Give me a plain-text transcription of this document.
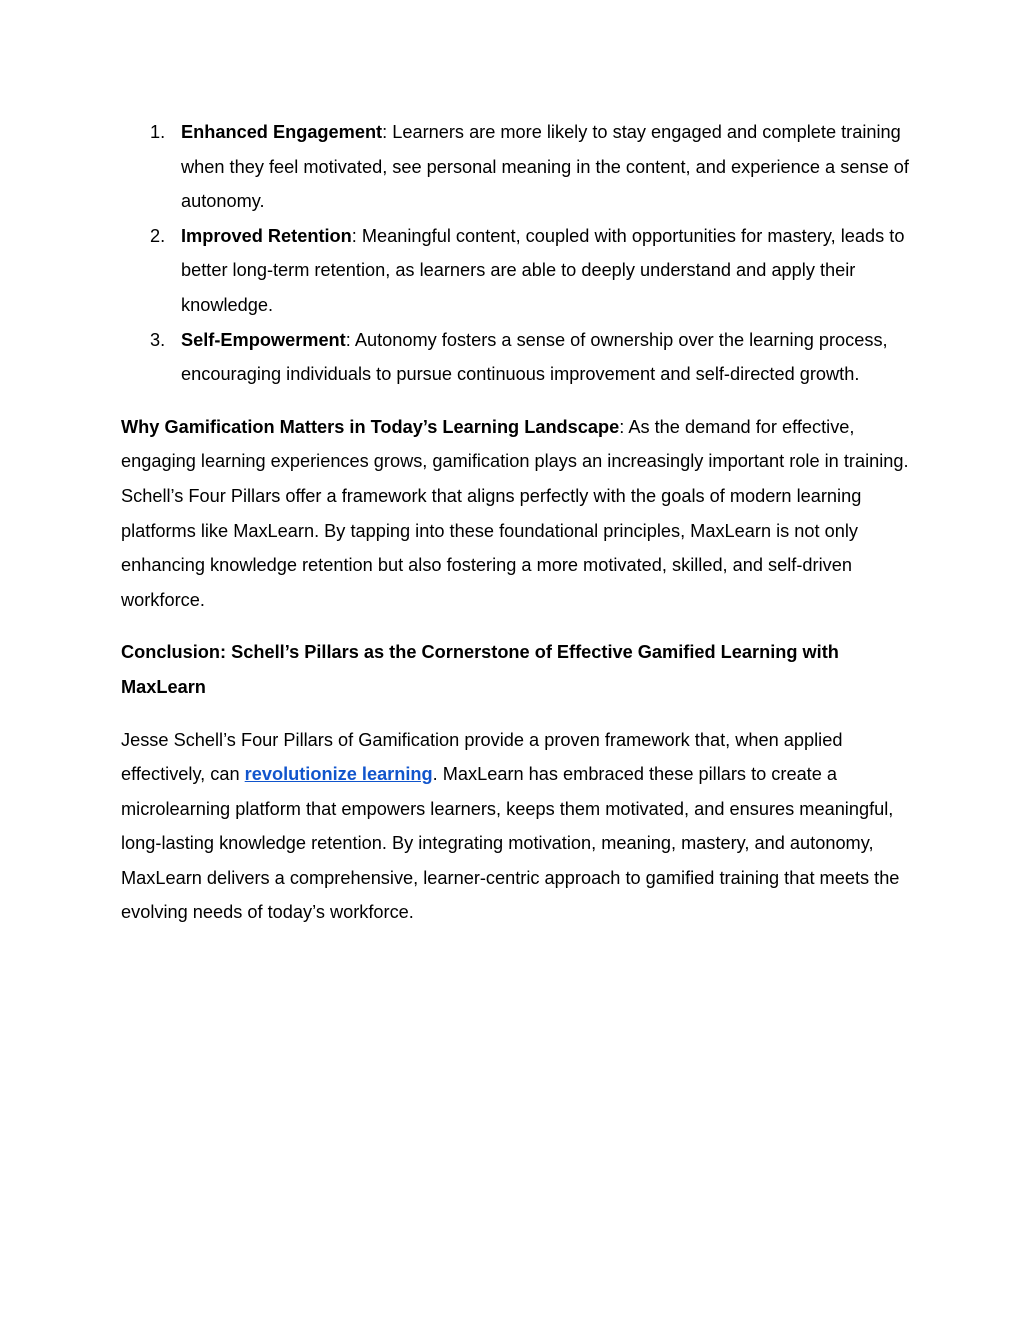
1. Enhanced Engagement: Learners are more likely to stay engaged and complete training when they feel motivated, see personal meaning in the content, and experience a sense of autonomy.
2. Improved Retention: Meaningful content, coupled with opportunities for mastery, leads to better long-term retention, as learners are able to deeply understand and apply their knowledge.
3. Self-Empowerment: Autonomy fosters a sense of ownership over the learning process, encouraging individuals to pursue continuous improvement and self-directed growth.

Why Gamification Matters in Today’s Learning Landscape: As the demand for effective, engaging learning experiences grows, gamification plays an increasingly important role in training. Schell’s Four Pillars offer a framework that aligns perfectly with the goals of modern learning platforms like MaxLearn. By tapping into these foundational principles, MaxLearn is not only enhancing knowledge retention but also fostering a more motivated, skilled, and self-driven workforce.

Conclusion: Schell’s Pillars as the Cornerstone of Effective Gamified Learning with MaxLearn

Jesse Schell’s Four Pillars of Gamification provide a proven framework that, when applied effectively, can revolutionize learning. MaxLearn has embraced these pillars to create a microlearning platform that empowers learners, keeps them motivated, and ensures meaningful, long-lasting knowledge retention. By integrating motivation, meaning, mastery, and autonomy, MaxLearn delivers a comprehensive, learner-centric approach to gamified training that meets the evolving needs of today’s workforce.
